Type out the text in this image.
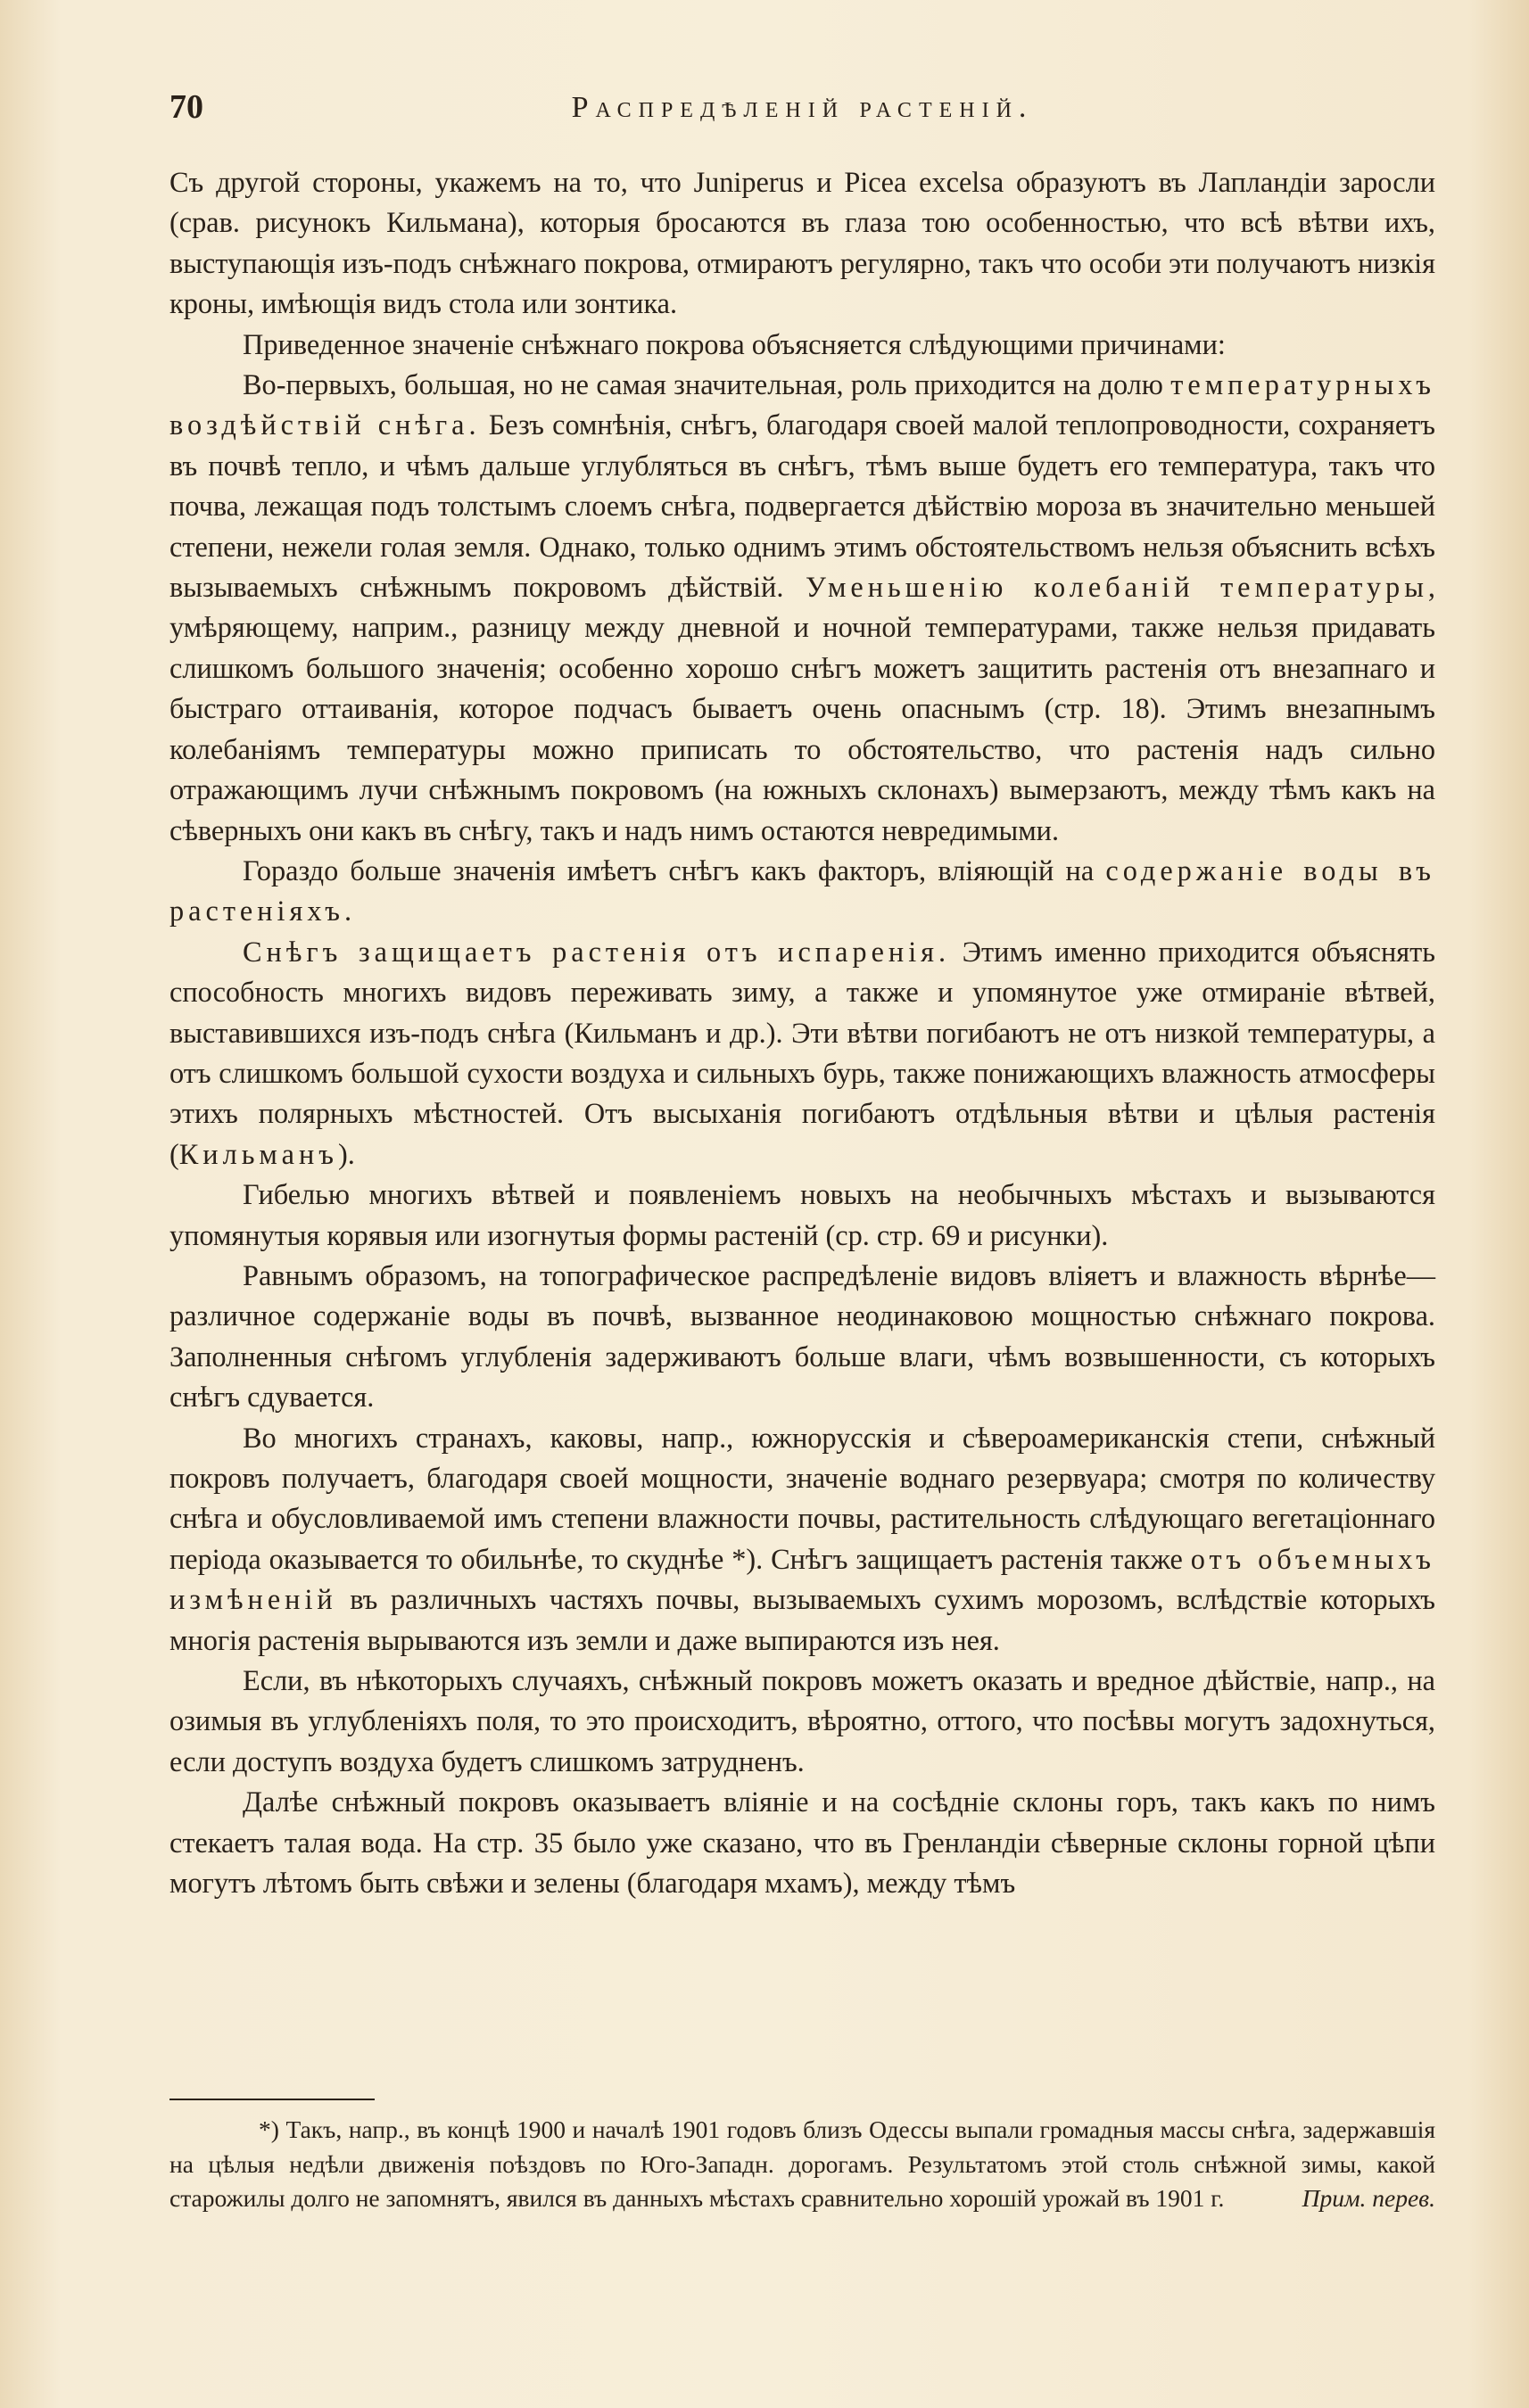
70	Распредѣленій растеній.

Съ другой стороны, укажемъ на то, что Juniperus и Picea excelsa образуютъ въ Лапландіи заросли (срав. рисунокъ Кильмана), которыя бросаются въ глаза тою особенностью, что всѣ вѣтви ихъ, выступающія изъ-подъ снѣжнаго покрова, отмираютъ регулярно, такъ что особи эти получаютъ низкія кроны, имѣющія видъ стола или зонтика.

Приведенное значеніе снѣжнаго покрова объясняется слѣдующими причинами:

Во-первыхъ, большая, но не самая значительная, роль приходится на долю температурныхъ воздѣйствій снѣга. Безъ сомнѣнія, снѣгъ, благодаря своей малой теплопроводности, сохраняетъ въ почвѣ тепло, и чѣмъ дальше углубляться въ снѣгъ, тѣмъ выше будетъ его температура, такъ что почва, лежащая подъ толстымъ слоемъ снѣга, подвергается дѣйствію мороза въ значительно меньшей степени, нежели голая земля. Однако, только однимъ этимъ обстоятельствомъ нельзя объяснить всѣхъ вызываемыхъ снѣжнымъ покровомъ дѣйствій. Уменьшенію колебаній температуры, умѣряющему, наприм., разницу между дневной и ночной температурами, также нельзя придавать слишкомъ большого значенія; особенно хорошо снѣгъ можетъ защитить растенія отъ внезапнаго и быстраго оттаиванія, которое подчасъ бываетъ очень опаснымъ (стр. 18). Этимъ внезапнымъ колебаніямъ температуры можно приписать то обстоятельство, что растенія надъ сильно отражающимъ лучи снѣжнымъ покровомъ (на южныхъ склонахъ) вымерзаютъ, между тѣмъ какъ на сѣверныхъ они какъ въ снѣгу, такъ и надъ нимъ остаются невредимыми.

Гораздо больше значенія имѣетъ снѣгъ какъ факторъ, вліяющій на содержаніе воды въ растеніяхъ.

Снѣгъ защищаетъ растенія отъ испаренія. Этимъ именно приходится объяснять способность многихъ видовъ переживать зиму, а также и упомянутое уже отмираніе вѣтвей, выставившихся изъ-подъ снѣга (Кильманъ и др.). Эти вѣтви погибаютъ не отъ низкой температуры, а отъ слишкомъ большой сухости воздуха и сильныхъ бурь, также понижающихъ влажность атмосферы этихъ полярныхъ мѣстностей. Отъ высыханія погибаютъ отдѣльныя вѣтви и цѣлыя растенія (Кильманъ).

Гибелью многихъ вѣтвей и появленіемъ новыхъ на необычныхъ мѣстахъ и вызываются упомянутыя корявыя или изогнутыя формы растеній (ср. стр. 69 и рисунки).

Равнымъ образомъ, на топографическое распредѣленіе видовъ вліяетъ и влажность вѣрнѣе—различное содержаніе воды въ почвѣ, вызванное неодинаковою мощностью снѣжнаго покрова. Заполненныя снѣгомъ углубленія задерживаютъ больше влаги, чѣмъ возвышенности, съ которыхъ снѣгъ сдувается.

Во многихъ странахъ, каковы, напр., южнорусскія и сѣвероамериканскія степи, снѣжный покровъ получаетъ, благодаря своей мощности, значеніе воднаго резервуара; смотря по количеству снѣга и обусловливаемой имъ степени влажности почвы, растительность слѣдующаго вегетаціоннаго періода оказывается то обильнѣе, то скуднѣе *). Снѣгъ защищаетъ растенія также отъ объемныхъ измѣненій въ различныхъ частяхъ почвы, вызываемыхъ сухимъ морозомъ, вслѣдствіе которыхъ многія растенія вырываются изъ земли и даже выпираются изъ нея.

Если, въ нѣкоторыхъ случаяхъ, снѣжный покровъ можетъ оказать и вредное дѣйствіе, напр., на озимыя въ углубленіяхъ поля, то это происходитъ, вѣроятно, оттого, что посѣвы могутъ задохнуться, если доступъ воздуха будетъ слишкомъ затрудненъ.

Далѣе снѣжный покровъ оказываетъ вліяніе и на сосѣдніе склоны горъ, такъ какъ по нимъ стекаетъ талая вода. На стр. 35 было уже сказано, что въ Гренландіи сѣверные склоны горной цѣпи могутъ лѣтомъ быть свѣжи и зелены (благодаря мхамъ), между тѣмъ

*) Такъ, напр., въ концѣ 1900 и началѣ 1901 годовъ близъ Одессы выпали громадныя массы снѣга, задержавшія на цѣлыя недѣли движенія поѣздовъ по Юго-Западн. дорогамъ. Результатомъ этой столь снѣжной зимы, какой старожилы долго не запомнятъ, явился въ данныхъ мѣстахъ сравнительно хорошій урожай въ 1901 г.	Прим. перев.
